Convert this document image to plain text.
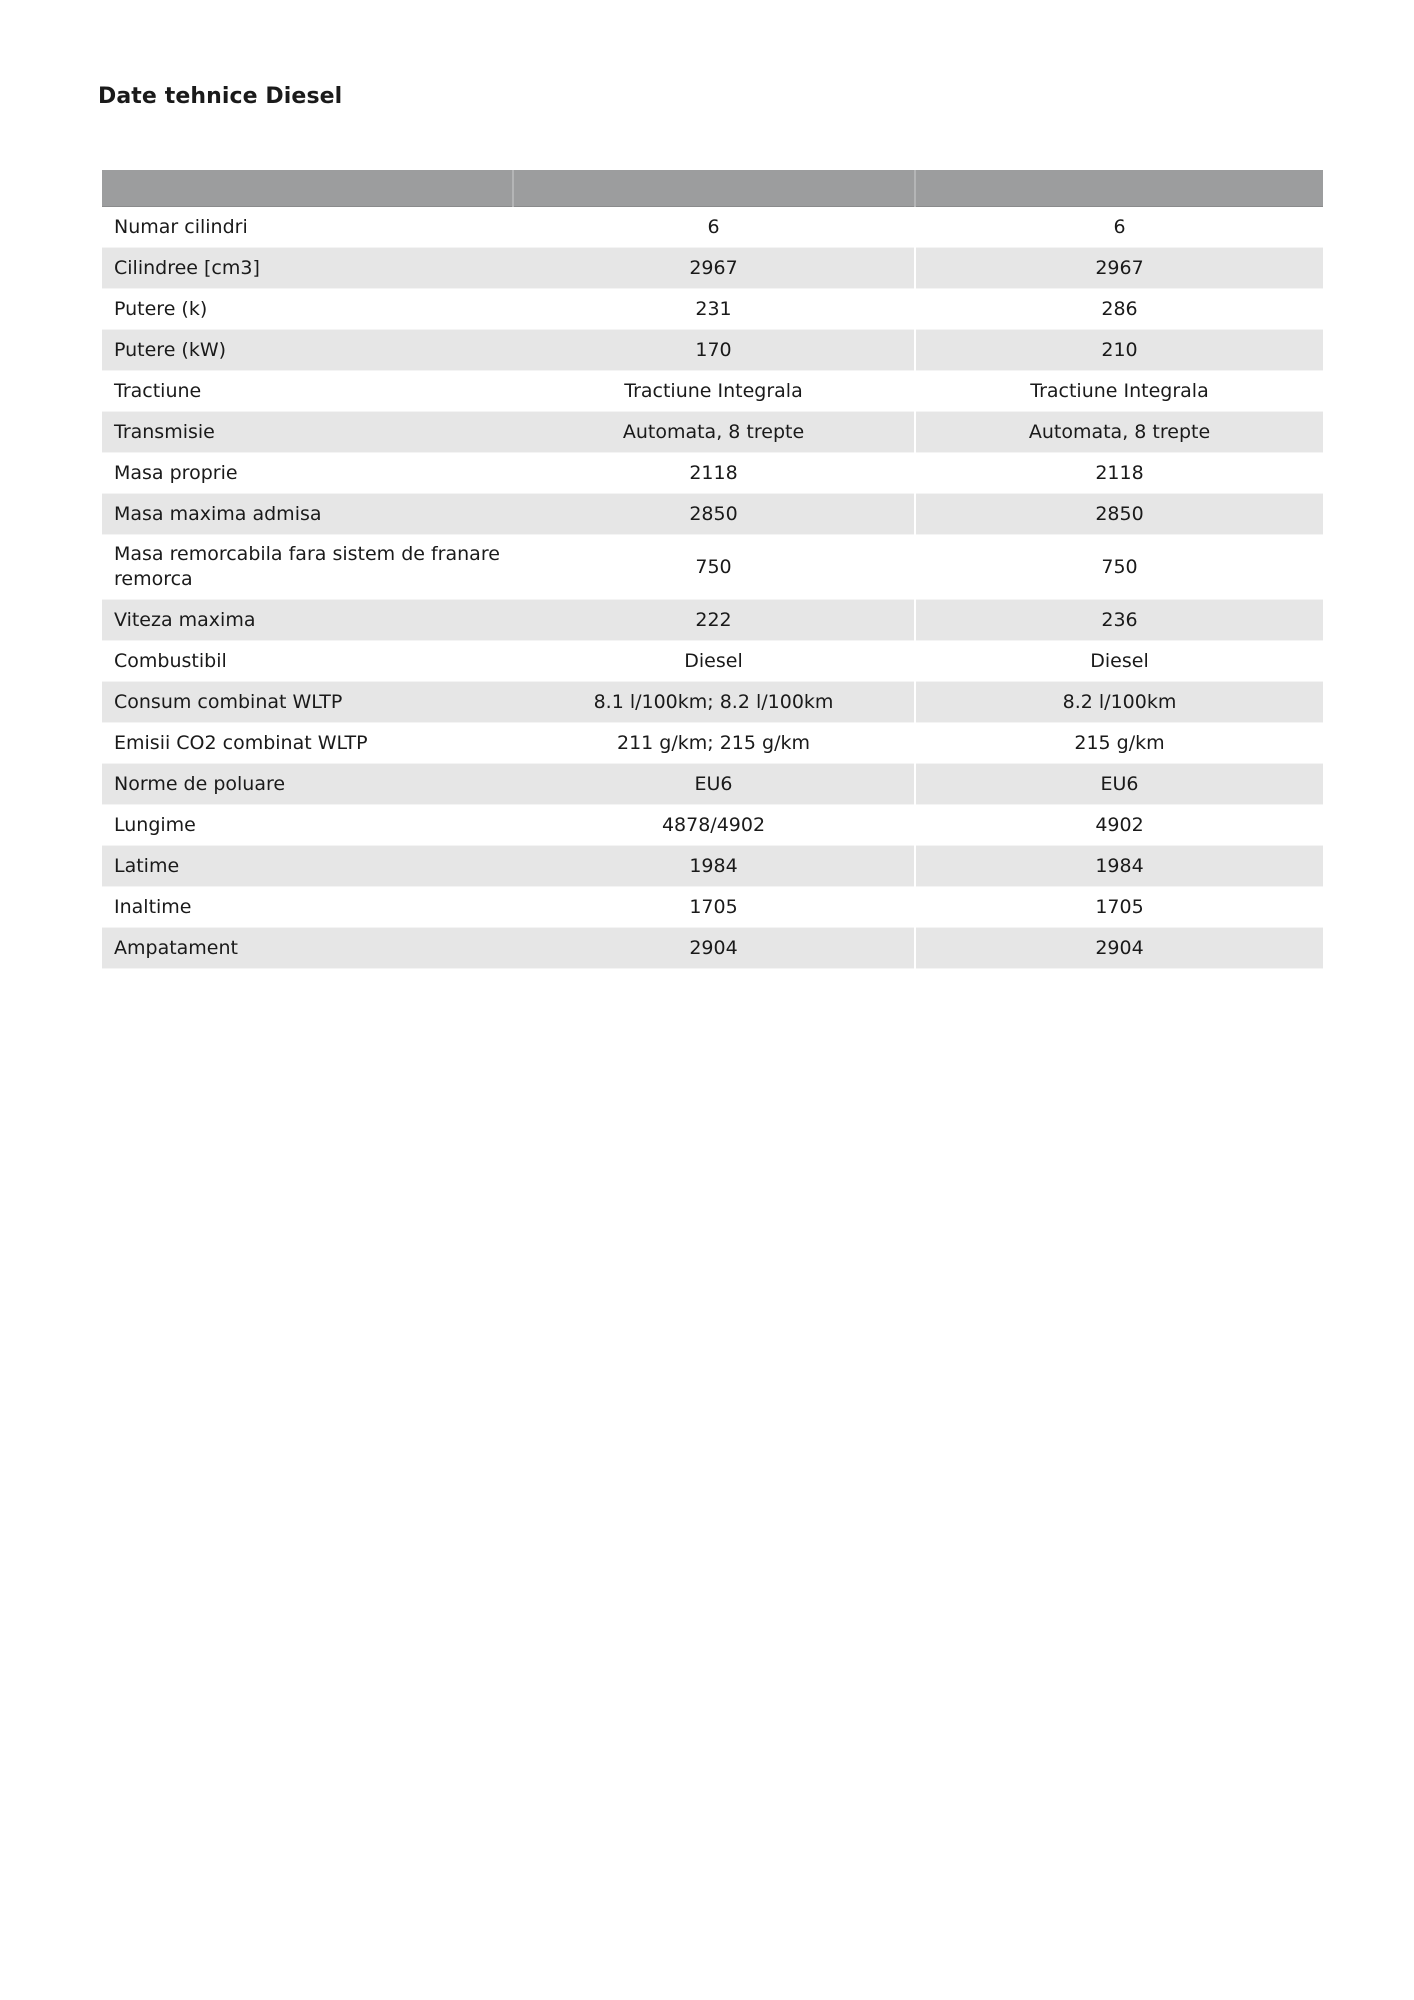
Date tehnice Diesel

Numar cilindri	6	6
Cilindree [cm3]	2967	2967
Putere (k)	231	286
Putere (kW)	170	210
Tractiune	Tractiune Integrala	Tractiune Integrala
Transmisie	Automata, 8 trepte	Automata, 8 trepte
Masa proprie	2118	2118
Masa maxima admisa	2850	2850
Masa remorcabila fara sistem de franare remorca	750	750
Viteza maxima	222	236
Combustibil	Diesel	Diesel
Consum combinat WLTP	8.1 l/100km; 8.2 l/100km	8.2 l/100km
Emisii CO2 combinat WLTP	211 g/km; 215 g/km	215 g/km
Norme de poluare	EU6	EU6
Lungime	4878/4902	4902
Latime	1984	1984
Inaltime	1705	1705
Ampatament	2904	2904
